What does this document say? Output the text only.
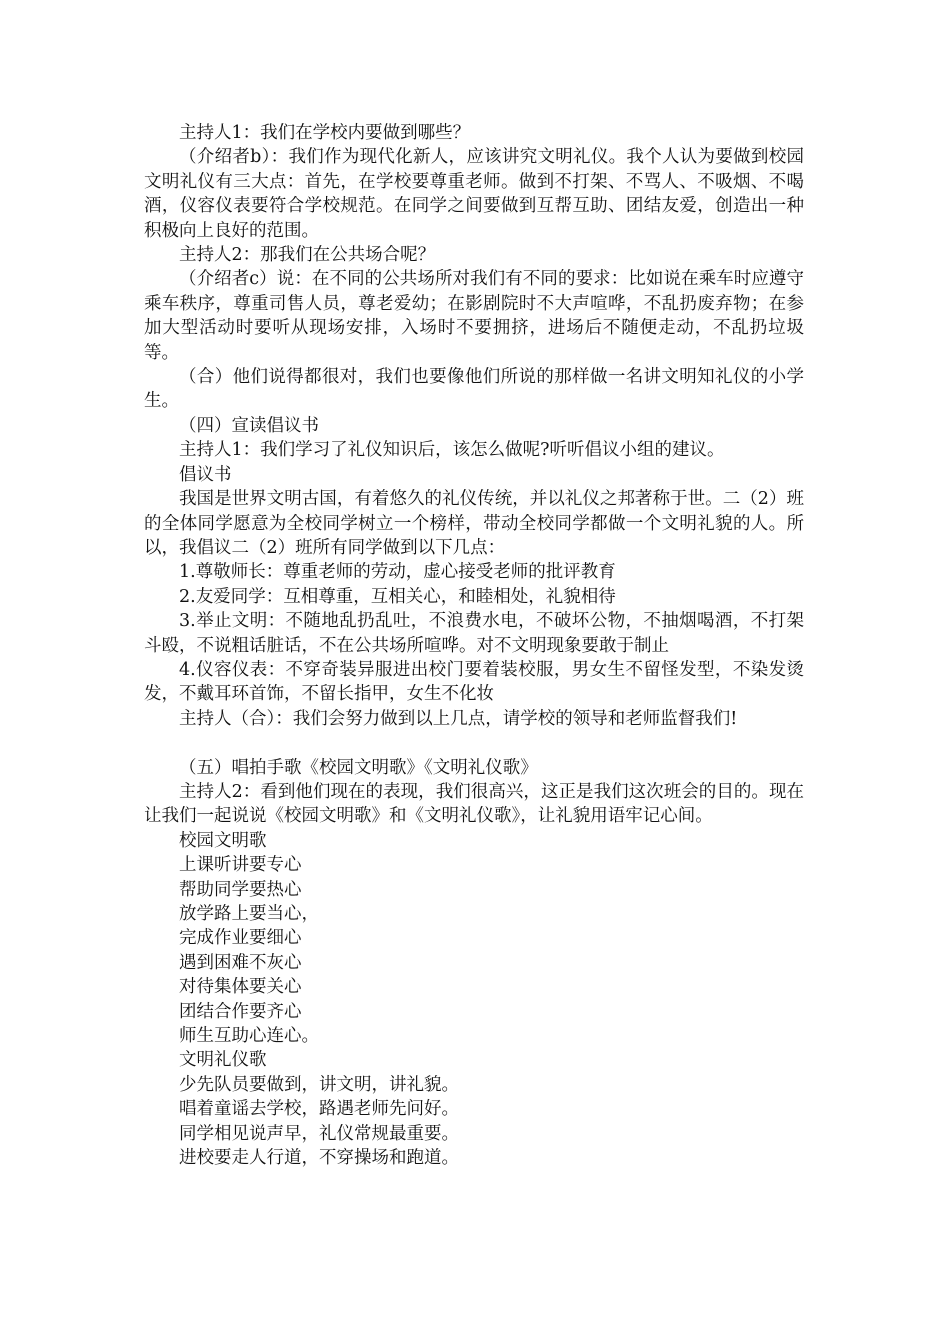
主持人1：我们在学校内要做到哪些？

（介绍者b）：我们作为现代化新人，应该讲究文明礼仪。我个人认为要做到校园文明礼仪有三大点：首先，在学校要尊重老师。做到不打架、不骂人、不吸烟、不喝酒，仪容仪表要符合学校规范。在同学之间要做到互帮互助、团结友爱，创造出一种积极向上良好的范围。

主持人2：那我们在公共场合呢？

（介绍者c）说：在不同的公共场所对我们有不同的要求：比如说在乘车时应遵守乘车秩序，尊重司售人员，尊老爱幼；在影剧院时不大声喧哗，不乱扔废弃物；在参加大型活动时要听从现场安排，入场时不要拥挤，进场后不随便走动，不乱扔垃圾等。

（合）他们说得都很对，我们也要像他们所说的那样做一名讲文明知礼仪的小学生。

（四）宣读倡议书

主持人1：我们学习了礼仪知识后，该怎么做呢?听听倡议小组的建议。

倡议书

我国是世界文明古国，有着悠久的礼仪传统，并以礼仪之邦著称于世。二（2）班的全体同学愿意为全校同学树立一个榜样，带动全校同学都做一个文明礼貌的人。所以，我倡议二（2）班所有同学做到以下几点：

1.尊敬师长：尊重老师的劳动，虚心接受老师的批评教育

2.友爱同学：互相尊重，互相关心，和睦相处，礼貌相待

3.举止文明：不随地乱扔乱吐，不浪费水电，不破坏公物，不抽烟喝酒，不打架斗殴，不说粗话脏话，不在公共场所喧哗。对不文明现象要敢于制止

4.仪容仪表：不穿奇装异服进出校门要着装校服，男女生不留怪发型，不染发烫发，不戴耳环首饰，不留长指甲，女生不化妆

主持人（合）：我们会努力做到以上几点，请学校的领导和老师监督我们!

（五）唱拍手歌《校园文明歌》《文明礼仪歌》

主持人2：看到他们现在的表现，我们很高兴，这正是我们这次班会的目的。现在让我们一起说说《校园文明歌》和《文明礼仪歌》，让礼貌用语牢记心间。

校园文明歌

上课听讲要专心

帮助同学要热心

放学路上要当心，

完成作业要细心

遇到困难不灰心

对待集体要关心

团结合作要齐心

师生互助心连心。

文明礼仪歌

少先队员要做到，讲文明，讲礼貌。

唱着童谣去学校，路遇老师先问好。

同学相见说声早，礼仪常规最重要。

进校要走人行道，不穿操场和跑道。
